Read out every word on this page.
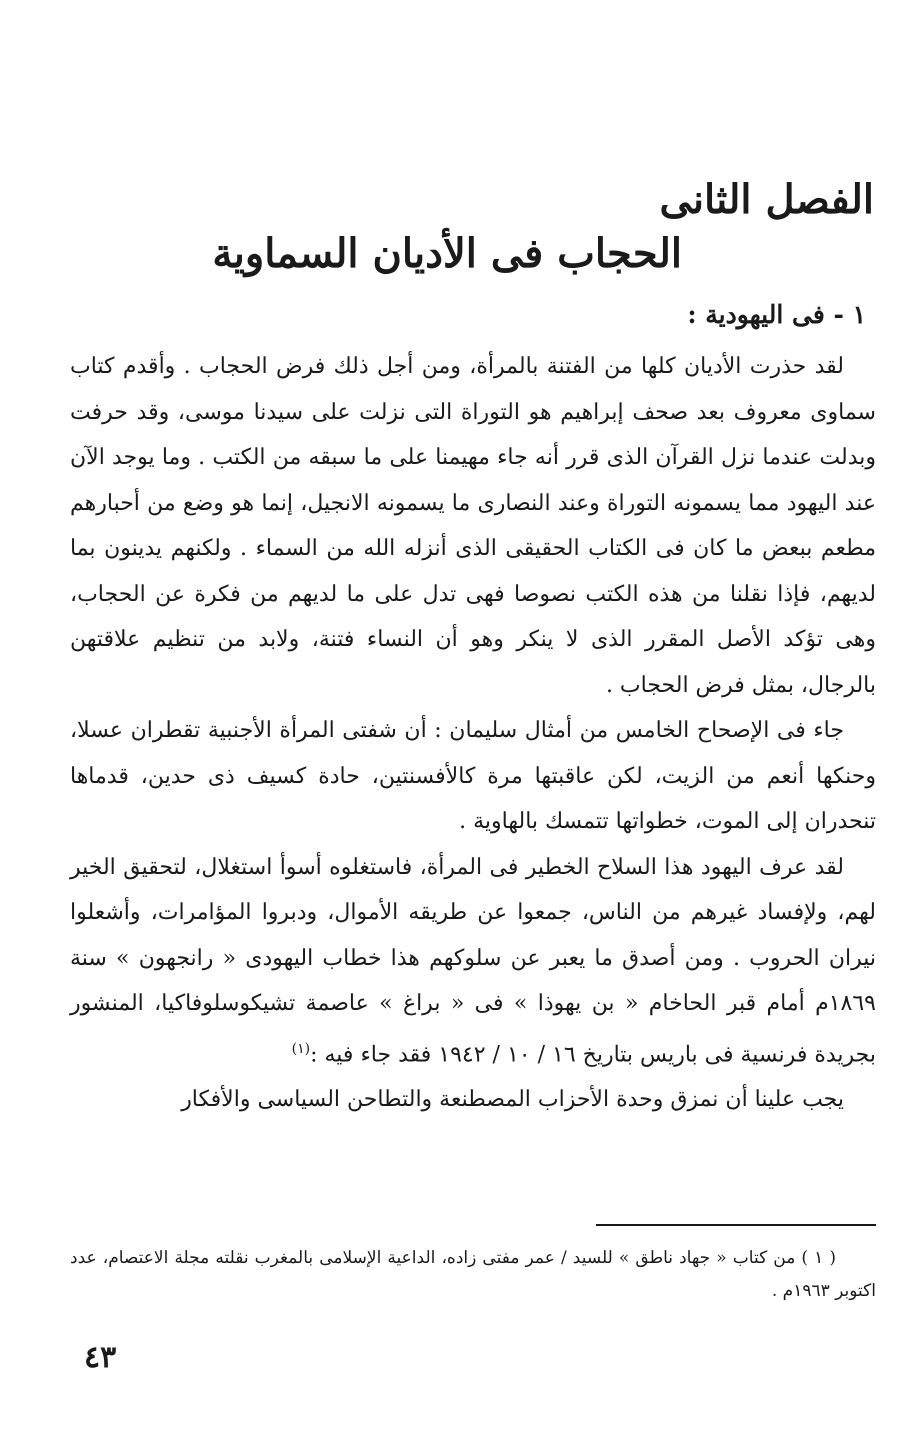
الفصل الثانى
الحجاب فى الأديان السماوية
١ - فى اليهودية :

لقد حذرت الأديان كلها من الفتنة بالمرأة، ومن أجل ذلك فرض الحجاب . وأقدم كتاب سماوى معروف بعد صحف إبراهيم هو التوراة التى نزلت على سيدنا موسى، وقد حرفت وبدلت عندما نزل القرآن الذى قرر أنه جاء مهيمنا على ما سبقه من الكتب . وما يوجد الآن عند اليهود مما يسمونه التوراة وعند النصارى ما يسمونه الانجيل، إنما هو وضع من أحبارهم مطعم ببعض ما كان فى الكتاب الحقيقى الذى أنزله الله من السماء . ولكنهم يدينون بما لديهم، فإذا نقلنا من هذه الكتب نصوصا فهى تدل على ما لديهم من فكرة عن الحجاب، وهى تؤكد الأصل المقرر الذى لا ينكر وهو أن النساء فتنة، ولابد من تنظيم علاقتهن بالرجال، بمثل فرض الحجاب .

جاء فى الإصحاح الخامس من أمثال سليمان : أن شفتى المرأة الأجنبية تقطران عسلا، وحنكها أنعم من الزيت، لكن عاقبتها مرة كالأفسنتين، حادة كسيف ذى حدين، قدماها تنحدران إلى الموت، خطواتها تتمسك بالهاوية .

لقد عرف اليهود هذا السلاح الخطير فى المرأة، فاستغلوه أسوأ استغلال، لتحقيق الخير لهم، ولإفساد غيرهم من الناس، جمعوا عن طريقه الأموال، ودبروا المؤامرات، وأشعلوا نيران الحروب . ومن أصدق ما يعبر عن سلوكهم هذا خطاب اليهودى « رانجهون » سنة ١٨٦٩م أمام قبر الحاخام « بن يهوذا » فى « براغ » عاصمة تشيكوسلوفاكيا، المنشور بجريدة فرنسية فى باريس بتاريخ ١٦ / ١٠ / ١٩٤٢ فقد جاء فيه :$^{(١)}$

يجب علينا أن نمزق وحدة الأحزاب المصطنعة والتطاحن السياسى والأفكار

( ١ ) من كتاب « جهاد ناطق » للسيد / عمر مفتى زاده، الداعية الإسلامى بالمغرب نقلته مجلة الاعتصام، عدد اكتوبر ١٩٦٣م .

٤٣
